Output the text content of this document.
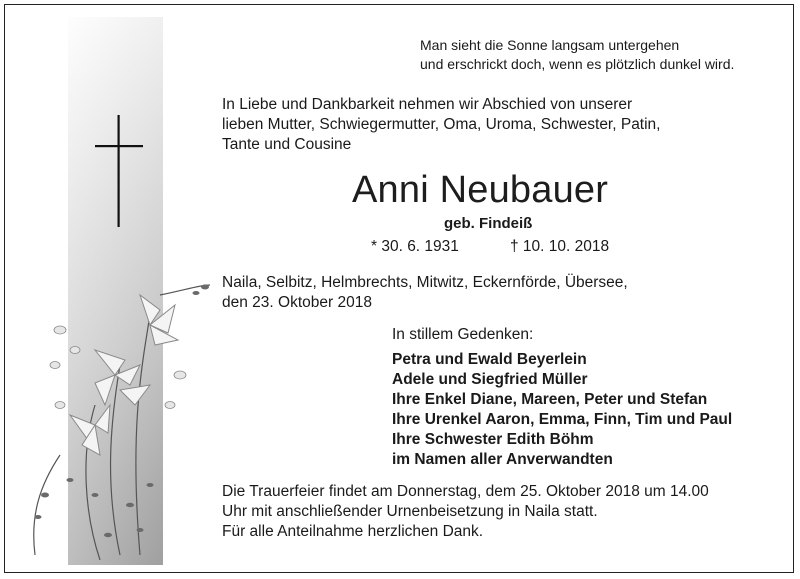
Man sieht die Sonne langsam untergehen
und erschrickt doch, wenn es plötzlich dunkel wird.
In Liebe und Dankbarkeit nehmen wir Abschied von unserer
lieben Mutter, Schwiegermutter, Oma, Uroma, Schwester, Patin,
Tante und Cousine
Anni Neubauer
geb. Findeiß
* 30. 6. 1931	† 10. 10. 2018
Naila, Selbitz, Helmbrechts, Mitwitz, Eckernförde, Übersee,
den 23. Oktober 2018
In stillem Gedenken:
Petra und Ewald Beyerlein
Adele und Siegfried Müller
Ihre Enkel Diane, Mareen, Peter und Stefan
Ihre Urenkel Aaron, Emma, Finn, Tim und Paul
Ihre Schwester Edith Böhm
im Namen aller Anverwandten
Die Trauerfeier findet am Donnerstag, dem 25. Oktober 2018 um 14.00
Uhr mit anschließender Urnenbeisetzung in Naila statt.
Für alle Anteilnahme herzlichen Dank.
